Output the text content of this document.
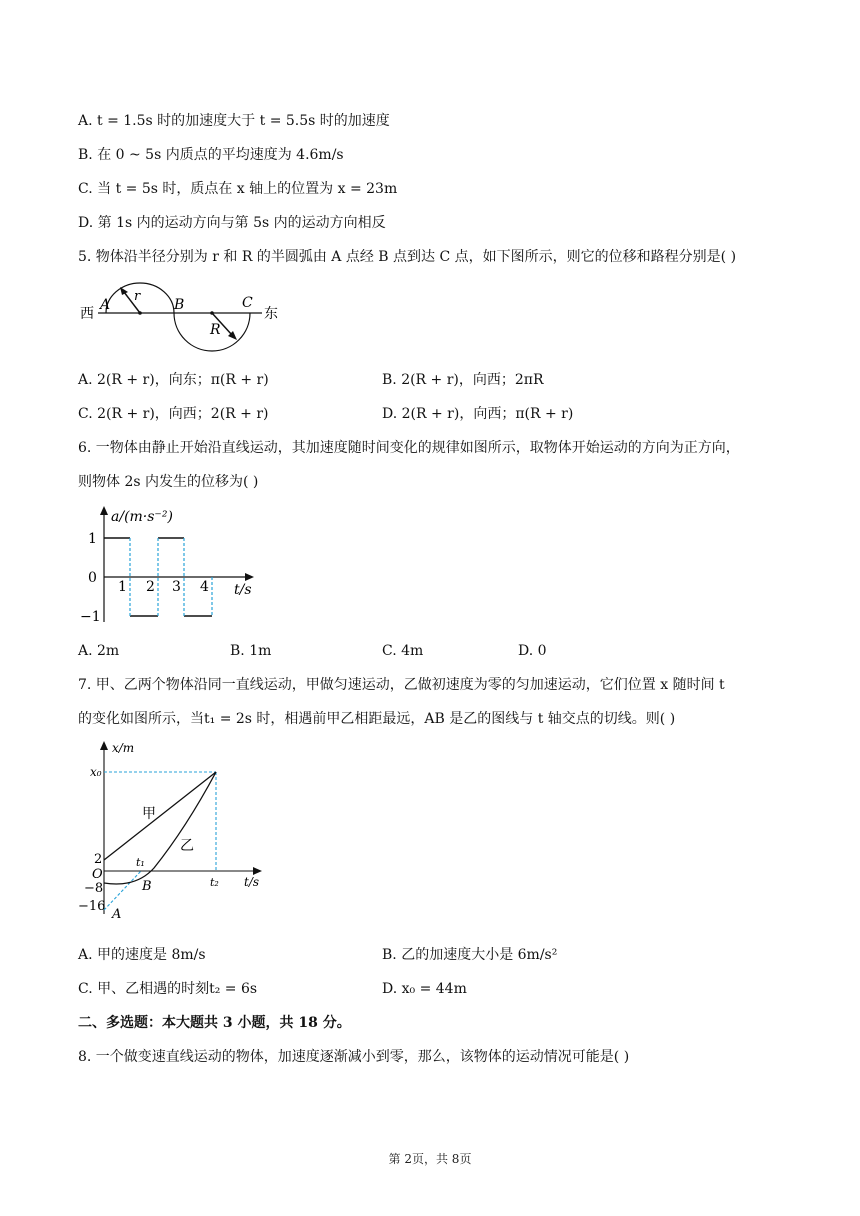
A. t = 1.5s 时的加速度大于 t = 5.5s 时的加速度
B. 在 0 ~ 5s 内质点的平均速度为 4.6m/s
C. 当 t = 5s 时，质点在 x 轴上的位置为 x = 23m
D. 第 1s 内的运动方向与第 5s 内的运动方向相反
5. 物体沿半径分别为 r 和 R 的半圆弧由 A 点经 B 点到达 C 点，如下图所示，则它的位移和路程分别是( )
西
A
r
B	C
R
东
A. 2(R + r)，向东；π(R + r)	B. 2(R + r)，向西；2πR
C. 2(R + r)，向西；2(R + r)	D. 2(R + r)，向西；π(R + r)
6. 一物体由静止开始沿直线运动，其加速度随时间变化的规律如图所示，取物体开始运动的方向为正方向，
则物体 2s 内发生的位移为( )
a/(m·s⁻²)
t/s
1
0
−1
1 2 3 4
A. 2m	B. 1m	C. 4m	D. 0
7. 甲、乙两个物体沿同一直线运动，甲做匀速运动，乙做初速度为零的匀加速运动，它们位置 x 随时间 t
的变化如图所示，当t₁ = 2s 时，相遇前甲乙相距最远，AB 是乙的图线与 t 轴交点的切线。则( )
x/m
t/s
x₀
2
O
−8
−16
t₁
t₂
A
B
甲
乙
A. 甲的速度是 8m/s	B. 乙的加速度大小是 6m/s²
C. 甲、乙相遇的时刻t₂ = 6s	D. x₀ = 44m
二、多选题：本大题共 3 小题，共 18 分。
8. 一个做变速直线运动的物体，加速度逐渐减小到零，那么，该物体的运动情况可能是( )
第 2页，共 8页
